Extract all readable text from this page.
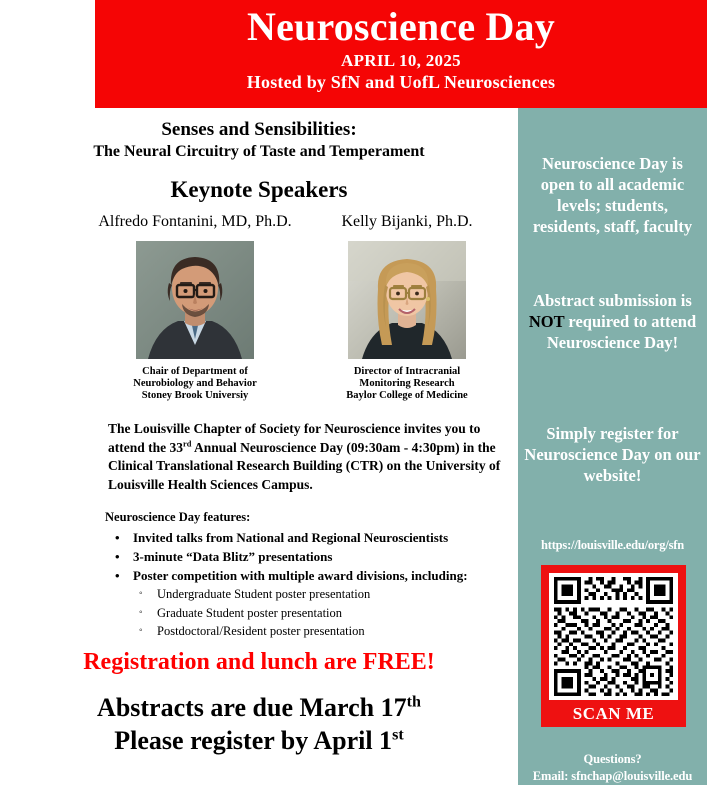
Neuroscience Day
APRIL 10, 2025
Hosted by SfN and UofL Neurosciences
Senses and Sensibilities:
The Neural Circuitry of Taste and Temperament
Keynote Speakers
Alfredo Fontanini, MD, Ph.D.
Chair of Department of
Neurobiology and Behavior
Stoney Brook Universiy
Kelly Bijanki, Ph.D.
Director of Intracranial
Monitoring Research
Baylor College of Medicine
The Louisville Chapter of Society for Neuroscience invites you to attend the 33rd Annual Neuroscience Day (09:30am - 4:30pm) in the Clinical Translational Research Building (CTR) on the University of Louisville Health Sciences Campus.
Neuroscience Day features:
• Invited talks from National and Regional Neuroscientists
• 3-minute “Data Blitz” presentations
• Poster competition with multiple award divisions, including:
◦ Undergraduate Student poster presentation
◦ Graduate Student poster presentation
◦ Postdoctoral/Resident poster presentation
Registration and lunch are FREE!
Abstracts are due March 17th
Please register by April 1st
Neuroscience Day is open to all academic levels; students, residents, staff, faculty
Abstract submission is NOT required to attend Neuroscience Day!
Simply register for Neuroscience Day on our website!
https://louisville.edu/org/sfn
SCAN ME
Questions?
Email: sfnchap@louisville.edu
